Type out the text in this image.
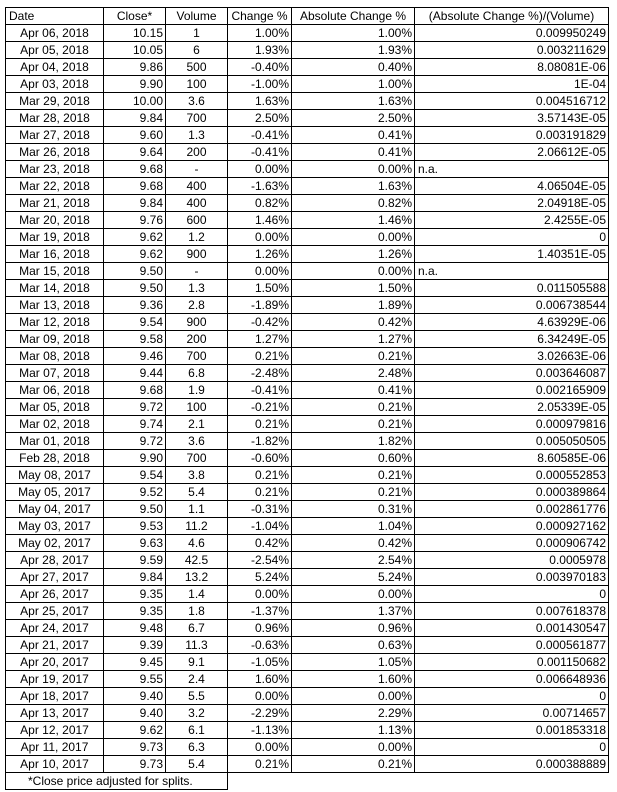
Date	Close*	Volume	Change %	Absolute Change %	(Absolute Change %)/(Volume)
Apr 06, 2018	10.15	1	1.00%	1.00%	0.009950249
Apr 05, 2018	10.05	6	1.93%	1.93%	0.003211629
Apr 04, 2018	9.86	500	-0.40%	0.40%	8.08081E-06
Apr 03, 2018	9.90	100	-1.00%	1.00%	1E-04
Mar 29, 2018	10.00	3.6	1.63%	1.63%	0.004516712
Mar 28, 2018	9.84	700	2.50%	2.50%	3.57143E-05
Mar 27, 2018	9.60	1.3	-0.41%	0.41%	0.003191829
Mar 26, 2018	9.64	200	-0.41%	0.41%	2.06612E-05
Mar 23, 2018	9.68	-	0.00%	0.00%	n.a.
Mar 22, 2018	9.68	400	-1.63%	1.63%	4.06504E-05
Mar 21, 2018	9.84	400	0.82%	0.82%	2.04918E-05
Mar 20, 2018	9.76	600	1.46%	1.46%	2.4255E-05
Mar 19, 2018	9.62	1.2	0.00%	0.00%	0
Mar 16, 2018	9.62	900	1.26%	1.26%	1.40351E-05
Mar 15, 2018	9.50	-	0.00%	0.00%	n.a.
Mar 14, 2018	9.50	1.3	1.50%	1.50%	0.011505588
Mar 13, 2018	9.36	2.8	-1.89%	1.89%	0.006738544
Mar 12, 2018	9.54	900	-0.42%	0.42%	4.63929E-06
Mar 09, 2018	9.58	200	1.27%	1.27%	6.34249E-05
Mar 08, 2018	9.46	700	0.21%	0.21%	3.02663E-06
Mar 07, 2018	9.44	6.8	-2.48%	2.48%	0.003646087
Mar 06, 2018	9.68	1.9	-0.41%	0.41%	0.002165909
Mar 05, 2018	9.72	100	-0.21%	0.21%	2.05339E-05
Mar 02, 2018	9.74	2.1	0.21%	0.21%	0.000979816
Mar 01, 2018	9.72	3.6	-1.82%	1.82%	0.005050505
Feb 28, 2018	9.90	700	-0.60%	0.60%	8.60585E-06
May 08, 2017	9.54	3.8	0.21%	0.21%	0.000552853
May 05, 2017	9.52	5.4	0.21%	0.21%	0.000389864
May 04, 2017	9.50	1.1	-0.31%	0.31%	0.002861776
May 03, 2017	9.53	11.2	-1.04%	1.04%	0.000927162
May 02, 2017	9.63	4.6	0.42%	0.42%	0.000906742
Apr 28, 2017	9.59	42.5	-2.54%	2.54%	0.0005978
Apr 27, 2017	9.84	13.2	5.24%	5.24%	0.003970183
Apr 26, 2017	9.35	1.4	0.00%	0.00%	0
Apr 25, 2017	9.35	1.8	-1.37%	1.37%	0.007618378
Apr 24, 2017	9.48	6.7	0.96%	0.96%	0.001430547
Apr 21, 2017	9.39	11.3	-0.63%	0.63%	0.000561877
Apr 20, 2017	9.45	9.1	-1.05%	1.05%	0.001150682
Apr 19, 2017	9.55	2.4	1.60%	1.60%	0.006648936
Apr 18, 2017	9.40	5.5	0.00%	0.00%	0
Apr 13, 2017	9.40	3.2	-2.29%	2.29%	0.00714657
Apr 12, 2017	9.62	6.1	-1.13%	1.13%	0.001853318
Apr 11, 2017	9.73	6.3	0.00%	0.00%	0
Apr 10, 2017	9.73	5.4	0.21%	0.21%	0.000388889
*Close price adjusted for splits.					
